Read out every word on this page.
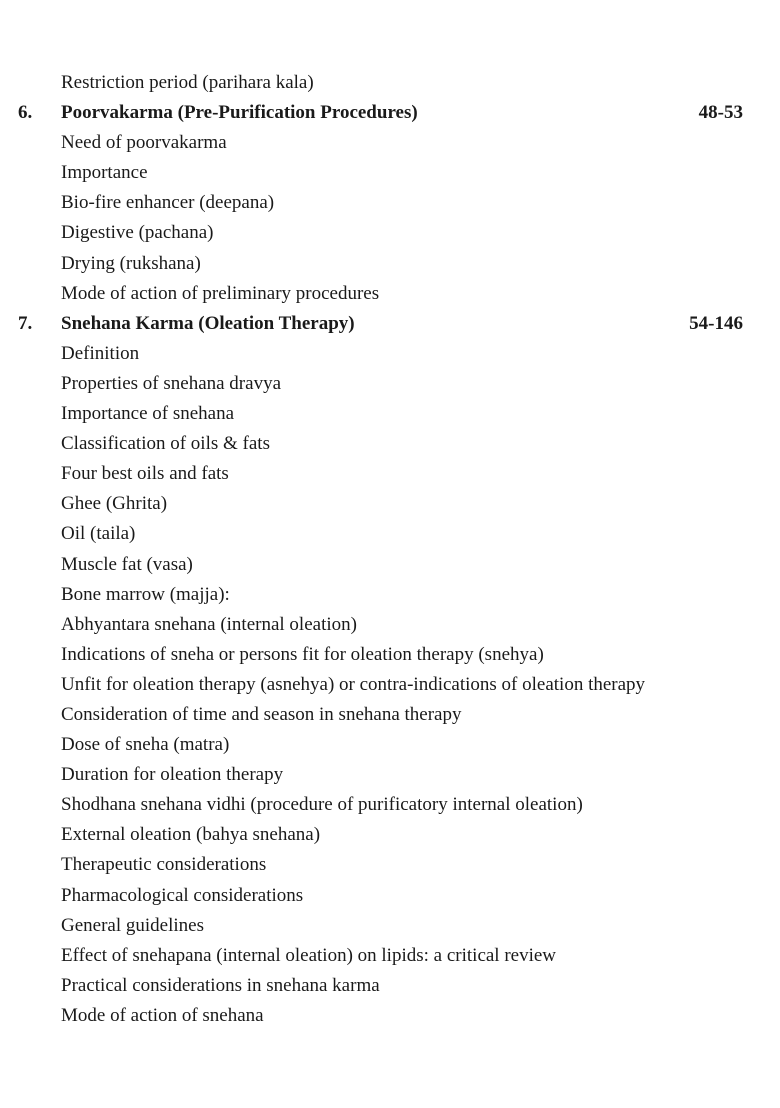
Restriction period (parihara kala)
6. Poorvakarma (Pre-Purification Procedures)	48-53
Need of poorvakarma
Importance
Bio-fire enhancer (deepana)
Digestive (pachana)
Drying (rukshana)
Mode of action of preliminary procedures
7. Snehana Karma (Oleation Therapy)	54-146
Definition
Properties of snehana dravya
Importance of snehana
Classification of oils & fats
Four best oils and fats
Ghee (Ghrita)
Oil (taila)
Muscle fat (vasa)
Bone marrow (majja):
Abhyantara snehana (internal oleation)
Indications of sneha or persons fit for oleation therapy (snehya)
Unfit for oleation therapy (asnehya) or contra-indications of oleation therapy
Consideration of time and season in snehana therapy
Dose of sneha (matra)
Duration for oleation therapy
Shodhana snehana vidhi (procedure of purificatory internal oleation)
External oleation (bahya snehana)
Therapeutic considerations
Pharmacological considerations
General guidelines
Effect of snehapana (internal oleation) on lipids: a critical review
Practical considerations in snehana karma
Mode of action of snehana
